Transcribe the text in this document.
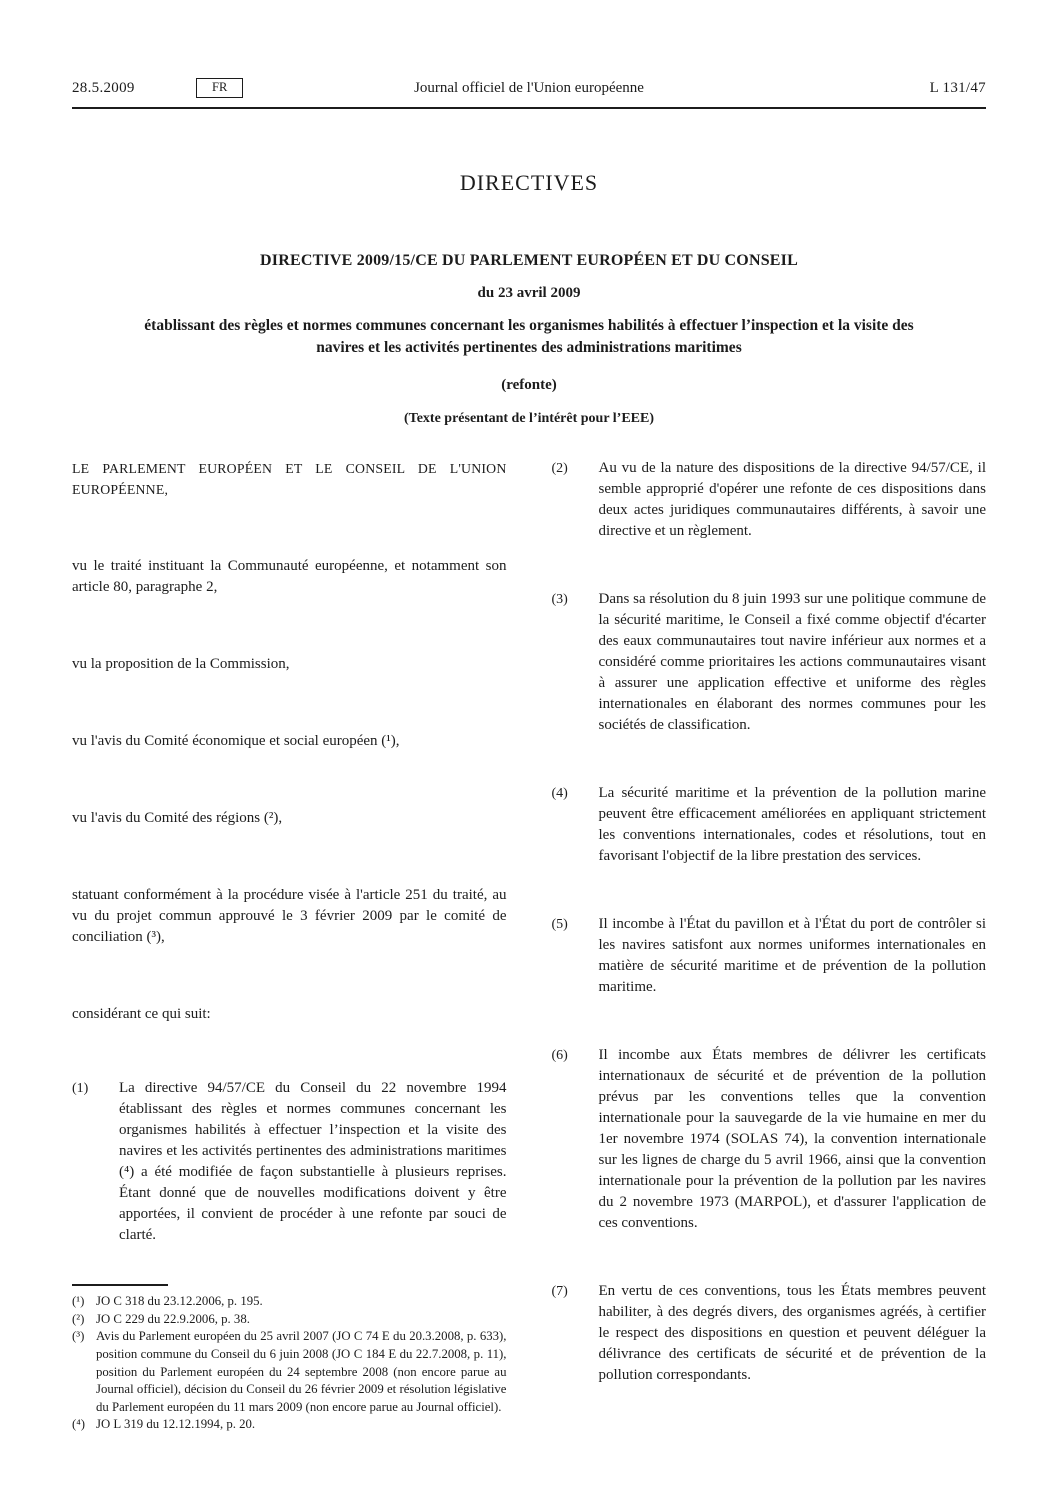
28.5.2009	FR	Journal officiel de l'Union européenne	L 131/47
DIRECTIVES
DIRECTIVE 2009/15/CE DU PARLEMENT EUROPÉEN ET DU CONSEIL

du 23 avril 2009

établissant des règles et normes communes concernant les organismes habilités à effectuer l’inspection et la visite des navires et les activités pertinentes des administrations maritimes

(refonte)

(Texte présentant de l’intérêt pour l’EEE)

LE PARLEMENT EUROPÉEN ET LE CONSEIL DE L'UNION EUROPÉENNE,

vu le traité instituant la Communauté européenne, et notamment son article 80, paragraphe 2,

vu la proposition de la Commission,

vu l'avis du Comité économique et social européen (¹),

vu l'avis du Comité des régions (²),

statuant conformément à la procédure visée à l'article 251 du traité, au vu du projet commun approuvé le 3 février 2009 par le comité de conciliation (³),

considérant ce qui suit:

(1)	La directive 94/57/CE du Conseil du 22 novembre 1994 établissant des règles et normes communes concernant les organismes habilités à effectuer l’inspection et la visite des navires et les activités pertinentes des administrations maritimes (⁴) a été modifiée de façon substantielle à plusieurs reprises. Étant donné que de nouvelles modifications doivent y être apportées, il convient de procéder à une refonte par souci de clarté.

(¹) JO C 318 du 23.12.2006, p. 195.
(²) JO C 229 du 22.9.2006, p. 38.
(³) Avis du Parlement européen du 25 avril 2007 (JO C 74 E du 20.3.2008, p. 633), position commune du Conseil du 6 juin 2008 (JO C 184 E du 22.7.2008, p. 11), position du Parlement européen du 24 septembre 2008 (non encore parue au Journal officiel), décision du Conseil du 26 février 2009 et résolution législative du Parlement européen du 11 mars 2009 (non encore parue au Journal officiel).
(⁴) JO L 319 du 12.12.1994, p. 20.
(2)	Au vu de la nature des dispositions de la directive 94/57/CE, il semble approprié d'opérer une refonte de ces dispositions dans deux actes juridiques communautaires différents, à savoir une directive et un règlement.

(3)	Dans sa résolution du 8 juin 1993 sur une politique commune de la sécurité maritime, le Conseil a fixé comme objectif d'écarter des eaux communautaires tout navire inférieur aux normes et a considéré comme prioritaires les actions communautaires visant à assurer une application effective et uniforme des règles internationales en élaborant des normes communes pour les sociétés de classification.

(4)	La sécurité maritime et la prévention de la pollution marine peuvent être efficacement améliorées en appliquant strictement les conventions internationales, codes et résolutions, tout en favorisant l'objectif de la libre prestation des services.

(5)	Il incombe à l'État du pavillon et à l'État du port de contrôler si les navires satisfont aux normes uniformes internationales en matière de sécurité maritime et de prévention de la pollution maritime.

(6)	Il incombe aux États membres de délivrer les certificats internationaux de sécurité et de prévention de la pollution prévus par les conventions telles que la convention internationale pour la sauvegarde de la vie humaine en mer du 1er novembre 1974 (SOLAS 74), la convention internationale sur les lignes de charge du 5 avril 1966, ainsi que la convention internationale pour la prévention de la pollution par les navires du 2 novembre 1973 (MARPOL), et d'assurer l'application de ces conventions.

(7)	En vertu de ces conventions, tous les États membres peuvent habiliter, à des degrés divers, des organismes agréés, à certifier le respect des dispositions en question et peuvent déléguer la délivrance des certificats de sécurité et de prévention de la pollution correspondants.
